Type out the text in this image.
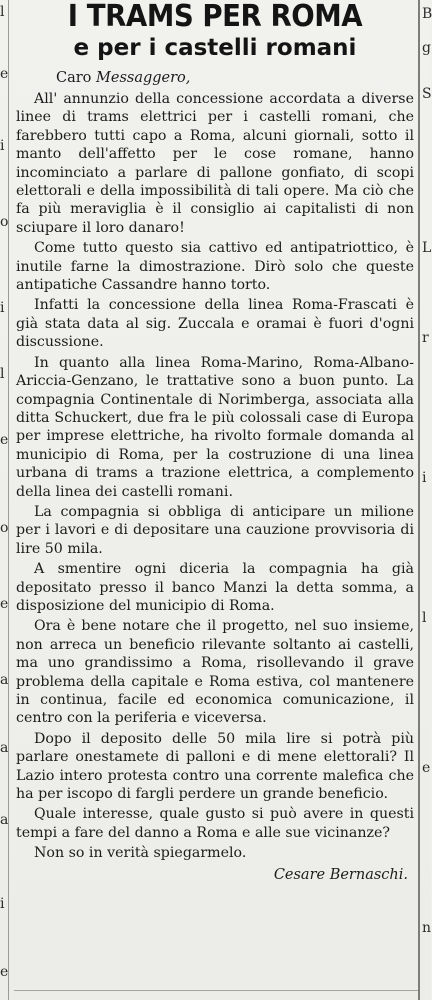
l
e
i
o
i
l
e
o
e
a
a
a
i
e
B
g
S
L
r
i
l
e
n
I TRAMS PER ROMA
e per i castelli romani
Caro Messaggero,

All' annunzio della concessione accordata a diverse linee di trams elettrici per i castelli romani, che farebbero tutti capo a Roma, alcuni giornali, sotto il manto dell'affetto per le cose romane, hanno incominciato a parlare di pallone gonfiato, di scopi elettorali e della impossibilità di tali opere. Ma ciò che fa più meraviglia è il consiglio ai capitalisti di non sciupare il loro danaro!

Come tutto questo sia cattivo ed antipatriottico, è inutile farne la dimostrazione. Dirò solo che queste antipatiche Cassandre hanno torto.

Infatti la concessione della linea Roma-Frascati è già stata data al sig. Zuccala e oramai è fuori d'ogni discussione.

In quanto alla linea Roma-Marino, Roma-Albano-Ariccia-Genzano, le trattative sono a buon punto. La compagnia Continentale di Norimberga, associata alla ditta Schuckert, due fra le più colossali case di Europa per imprese elettriche, ha rivolto formale domanda al municipio di Roma, per la costruzione di una linea urbana di trams a trazione elettrica, a complemento della linea dei castelli romani.

La compagnia si obbliga di anticipare un milione per i lavori e di depositare una cauzione provvisoria di lire 50 mila.

A smentire ogni diceria la compagnia ha già depositato presso il banco Manzi la detta somma, a disposizione del municipio di Roma.

Ora è bene notare che il progetto, nel suo insieme, non arreca un beneficio rilevante soltanto ai castelli, ma uno grandissimo a Roma, risollevando il grave problema della capitale e Roma estiva, col mantenere in continua, facile ed economica comunicazione, il centro con la periferia e viceversa.

Dopo il deposito delle 50 mila lire si potrà più parlare onestamete di palloni e di mene elettorali? Il Lazio intero protesta contro una corrente malefica che ha per iscopo di fargli perdere un grande beneficio.

Quale interesse, quale gusto si può avere in questi tempi a fare del danno a Roma e alle sue vicinanze?

Non so in verità spiegarmelo.

Cesare Bernaschi.
